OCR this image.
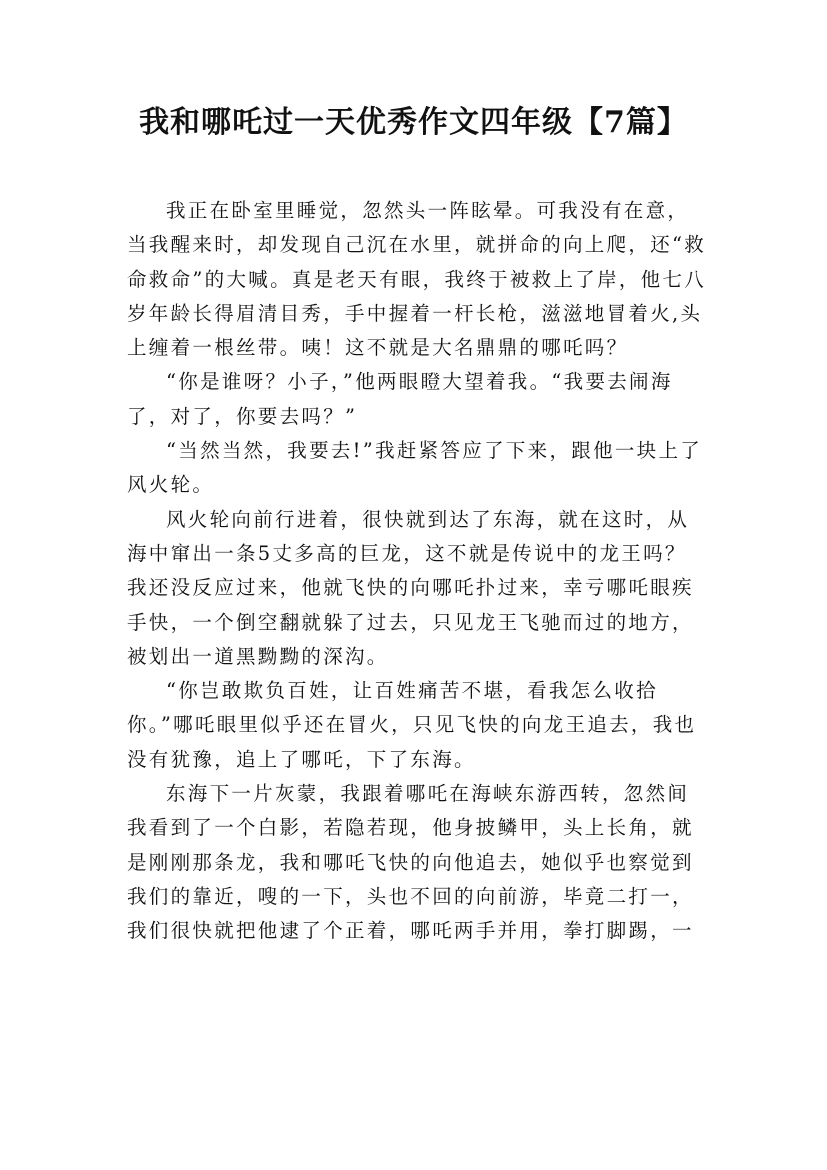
我和哪吒过一天优秀作文四年级【7篇】

我正在卧室里睡觉，忽然头一阵眩晕。可我没有在意，当我醒来时，却发现自己沉在水里，就拼命的向上爬，还“救命救命”的大喊。真是老天有眼，我终于被救上了岸，他七八岁年龄长得眉清目秀，手中握着一杆长枪，滋滋地冒着火,头上缠着一根丝带。咦！这不就是大名鼎鼎的哪吒吗？

“你是谁呀？小子，”他两眼瞪大望着我。“我要去闹海了，对了，你要去吗？”

“当然当然，我要去!”我赶紧答应了下来，跟他一块上了风火轮。

风火轮向前行进着，很快就到达了东海，就在这时，从海中窜出一条5丈多高的巨龙，这不就是传说中的龙王吗？我还没反应过来，他就飞快的向哪吒扑过来，幸亏哪吒眼疾手快，一个倒空翻就躲了过去，只见龙王飞驰而过的地方，被划出一道黑黝黝的深沟。

“你岂敢欺负百姓，让百姓痛苦不堪，看我怎么收拾你。”哪吒眼里似乎还在冒火，只见飞快的向龙王追去，我也没有犹豫，追上了哪吒，下了东海。

东海下一片灰蒙，我跟着哪吒在海峡东游西转，忽然间我看到了一个白影，若隐若现，他身披鳞甲，头上长角，就是刚刚那条龙，我和哪吒飞快的向他追去，她似乎也察觉到我们的靠近，嗖的一下，头也不回的向前游，毕竟二打一，我们很快就把他逮了个正着，哪吒两手并用，拳打脚踢，一
